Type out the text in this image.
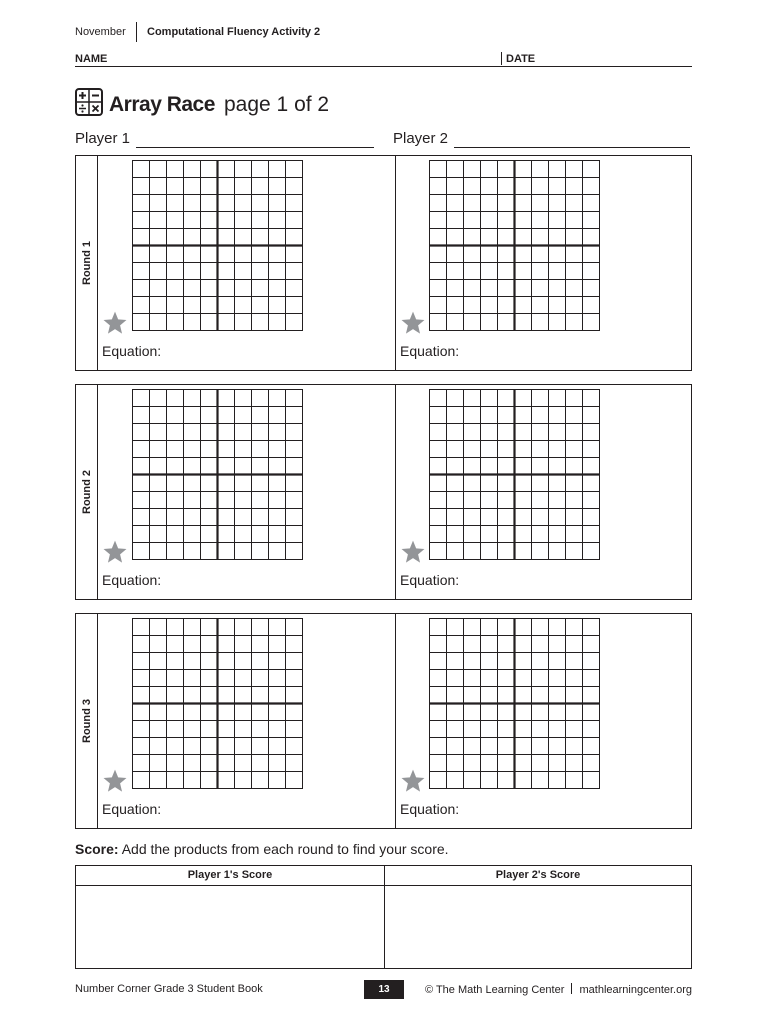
November Computational Fluency Activity 2
NAME	DATE
Array Race page 1 of 2
Player 1	Player 2
Round 1
Equation:	Equation:
Round 2
Equation:	Equation:
Round 3
Equation:	Equation:
Score: Add the products from each round to find your score.
Player 1's Score	Player 2's Score
Number Corner Grade 3 Student Book	13	© The Math Learning Center mathlearningcenter.org
